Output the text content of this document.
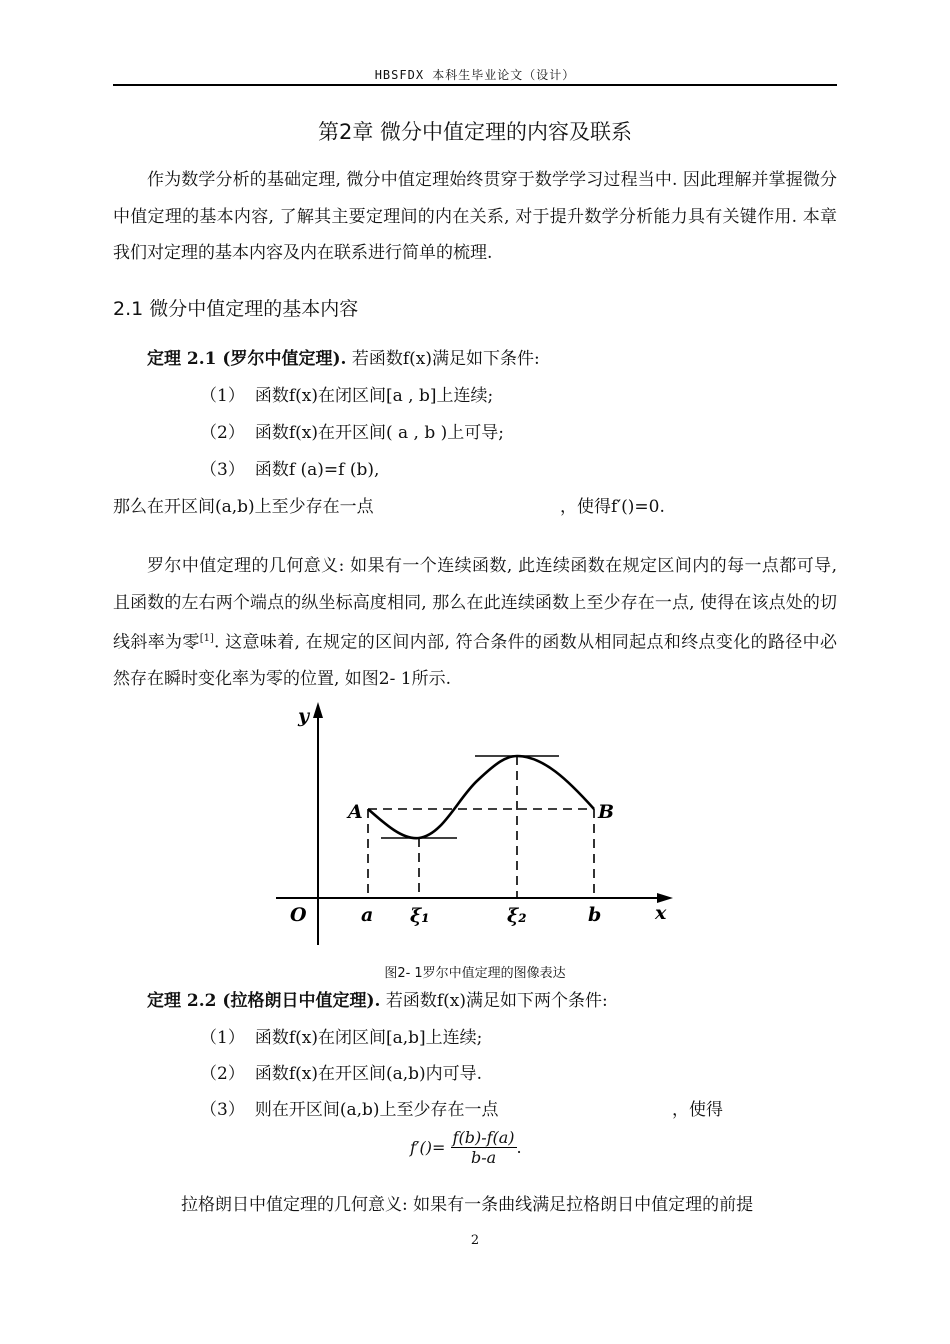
HBSFDX 本科生毕业论文（设计）
第2章 微分中值定理的内容及联系
作为数学分析的基础定理, 微分中值定理始终贯穿于数学学习过程当中. 因此理解并掌握微分中值定理的基本内容, 了解其主要定理间的内在关系, 对于提升数学分析能力具有关键作用. 本章我们对定理的基本内容及内在联系进行简单的梳理.
2.1 微分中值定理的基本内容
定理 2.1 (罗尔中值定理). 若函数f(x)满足如下条件:
（1） 函数f(x)在闭区间[a , b]上连续;
（2） 函数f(x)在开区间( a , b )上可导;
（3） 函数f (a)=f (b),
那么在开区间(a,b)上至少存在一点	，使得f′()=0.
罗尔中值定理的几何意义: 如果有一个连续函数, 此连续函数在规定区间内的每一点都可导, 且函数的左右两个端点的纵坐标高度相同, 那么在此连续函数上至少存在一点, 使得在该点处的切线斜率为零[1]. 这意味着, 在规定的区间内部, 符合条件的函数从相同起点和终点变化的路径中必然存在瞬时变化率为零的位置, 如图2- 1所示.
y
x
O	a ξ₁	ξ₂	b
A	B
图2- 1罗尔中值定理的图像表达
定理 2.2 (拉格朗日中值定理). 若函数f(x)满足如下两个条件:
（1） 函数f(x)在闭区间[a,b]上连续;
（2） 函数f(x)在开区间(a,b)内可导.
（3） 则在开区间(a,b)上至少存在一点	，使得
$f'()= \frac{f(b)-f(a)}{b-a}$ .
拉格朗日中值定理的几何意义: 如果有一条曲线满足拉格朗日中值定理的前提
2
